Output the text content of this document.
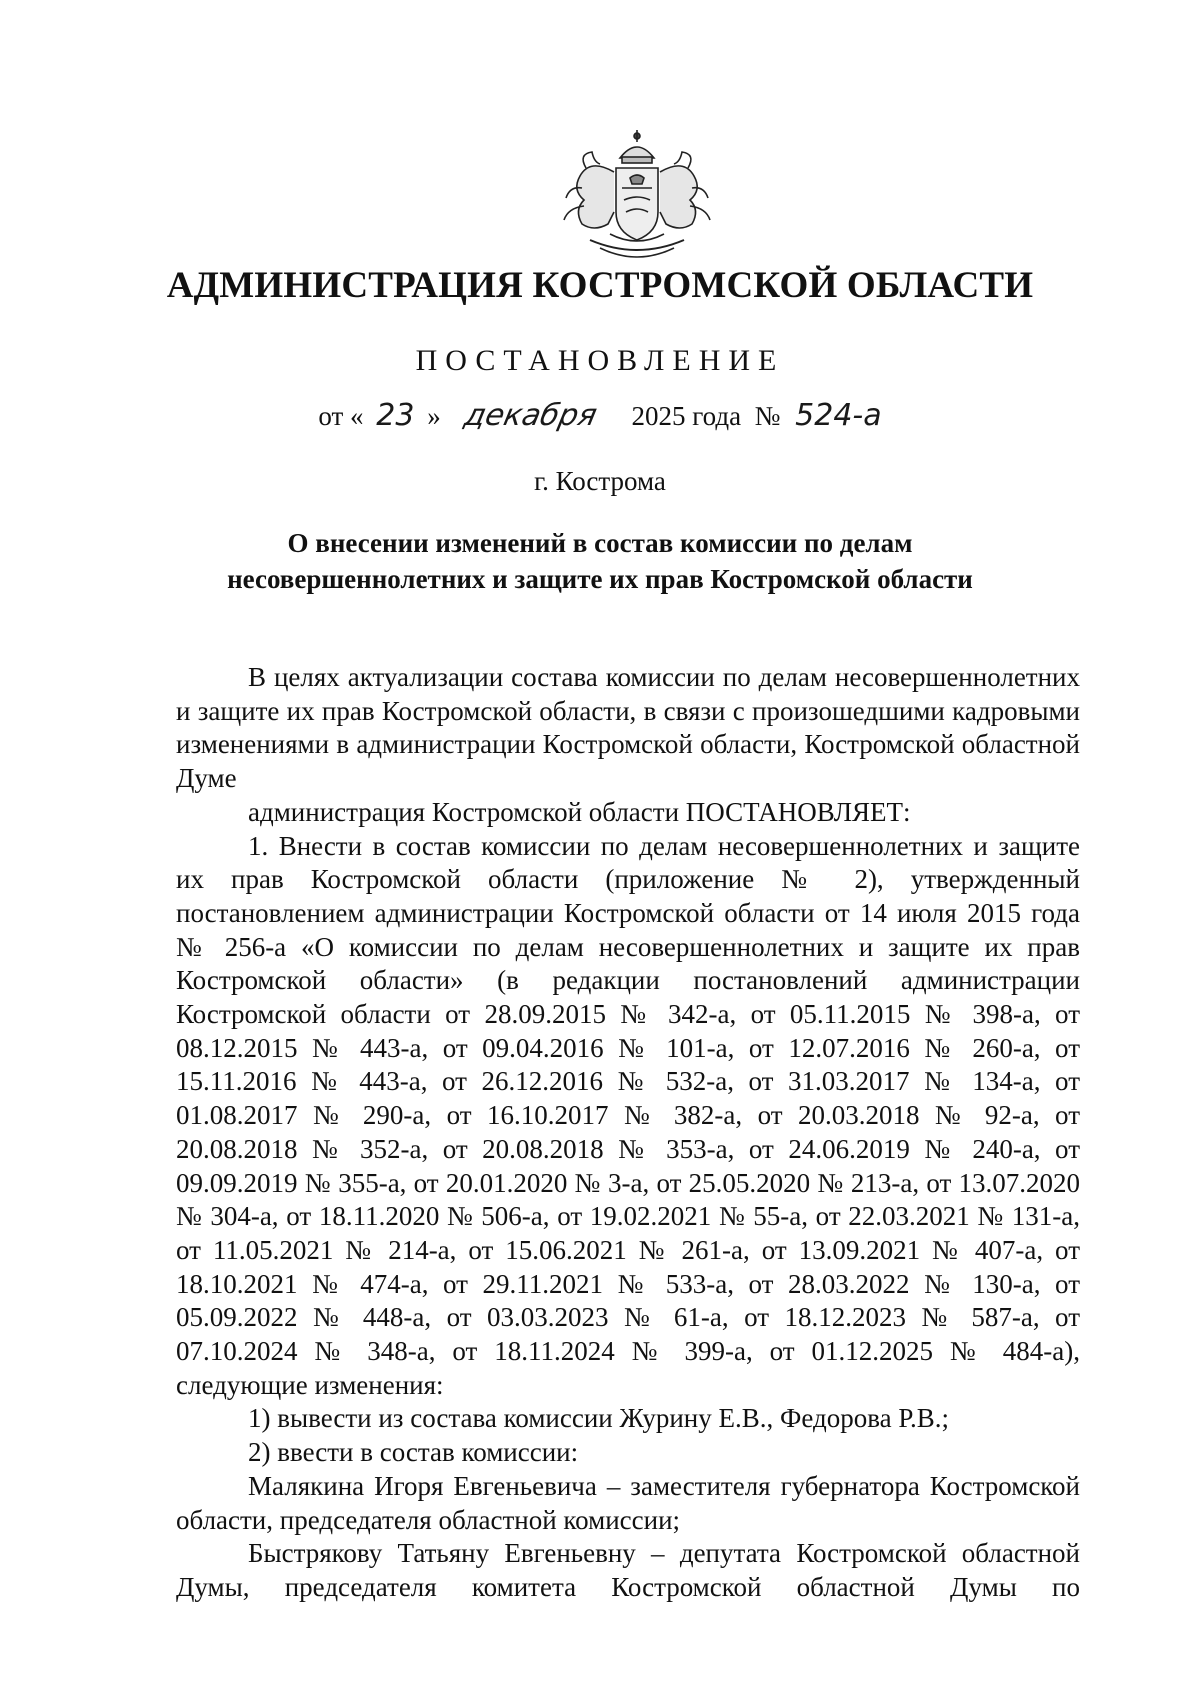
АДМИНИСТРАЦИЯ КОСТРОМСКОЙ ОБЛАСТИ
ПОСТАНОВЛЕНИЕ
от « 23 » декабря 2025 года № 524-а
г. Кострома
О внесении изменений в состав комиссии по делам
несовершеннолетних и защите их прав Костромской области

В целях актуализации состава комиссии по делам несовершеннолетних и защите их прав Костромской области, в связи с произошедшими кадровыми изменениями в администрации Костромской области, Костромской областной Думе

администрация Костромской области ПОСТАНОВЛЯЕТ:

1. Внести в состав комиссии по делам несовершеннолетних и защите их прав Костромской области (приложение № 2), утвержденный постановлением администрации Костромской области от 14 июля 2015 года № 256-а «О комиссии по делам несовершеннолетних и защите их прав Костромской области» (в редакции постановлений администрации Костромской области от 28.09.2015 № 342-а, от 05.11.2015 № 398-а, от 08.12.2015 № 443-а, от 09.04.2016 № 101-а, от 12.07.2016 № 260-а, от 15.11.2016 № 443-а, от 26.12.2016 № 532-а, от 31.03.2017 № 134-а, от 01.08.2017 № 290-а, от 16.10.2017 № 382-а, от 20.03.2018 № 92-а, от 20.08.2018 № 352-а, от 20.08.2018 № 353-а, от 24.06.2019 № 240-а, от 09.09.2019 № 355-а, от 20.01.2020 № 3-а, от 25.05.2020 № 213-а, от 13.07.2020 № 304-а, от 18.11.2020 № 506-а, от 19.02.2021 № 55-а, от 22.03.2021 № 131-а, от 11.05.2021 № 214-а, от 15.06.2021 № 261-а, от 13.09.2021 № 407-а, от 18.10.2021 № 474-а, от 29.11.2021 № 533-а, от 28.03.2022 № 130-а, от 05.09.2022 № 448-а, от 03.03.2023 № 61-а, от 18.12.2023 № 587-а, от 07.10.2024 № 348-а, от 18.11.2024 № 399-а, от 01.12.2025 № 484-а), следующие изменения:

1) вывести из состава комиссии Журину Е.В., Федорова Р.В.;

2) ввести в состав комиссии:

Малякина Игоря Евгеньевича – заместителя губернатора Костромской области, председателя областной комиссии;

Быстрякову Татьяну Евгеньевну – депутата Костромской областной Думы, председателя комитета Костромской областной Думы по
